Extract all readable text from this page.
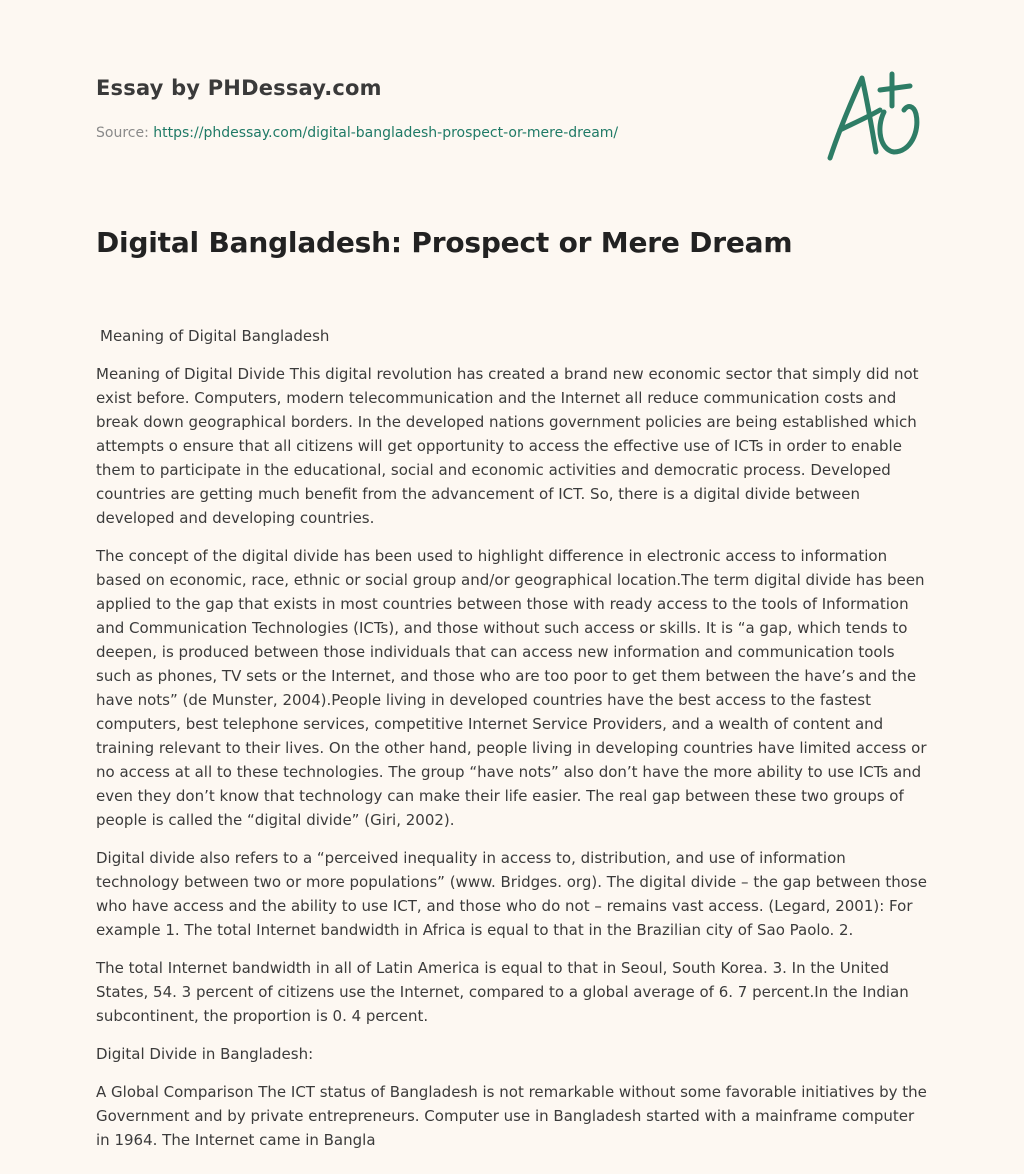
Essay by PHDessay.com
Source: https://phdessay.com/digital-bangladesh-prospect-or-mere-dream/
Digital Bangladesh: Prospect or Mere Dream

Meaning of Digital Bangladesh

Meaning of Digital Divide This digital revolution has created a brand new economic sector that simply did not exist before. Computers, modern telecommunication and the Internet all reduce communication costs and break down geographical borders. In the developed nations government policies are being established which attempts o ensure that all citizens will get opportunity to access the effective use of ICTs in order to enable them to participate in the educational, social and economic activities and democratic process. Developed countries are getting much benefit from the advancement of ICT. So, there is a digital divide between developed and developing countries.

The concept of the digital divide has been used to highlight difference in electronic access to information based on economic, race, ethnic or social group and/or geographical location.The term digital divide has been applied to the gap that exists in most countries between those with ready access to the tools of Information and Communication Technologies (ICTs), and those without such access or skills. It is “a gap, which tends to deepen, is produced between those individuals that can access new information and communication tools such as phones, TV sets or the Internet, and those who are too poor to get them between the have’s and the have nots” (de Munster, 2004).People living in developed countries have the best access to the fastest computers, best telephone services, competitive Internet Service Providers, and a wealth of content and training relevant to their lives. On the other hand, people living in developing countries have limited access or no access at all to these technologies. The group “have nots” also don’t have the more ability to use ICTs and even they don’t know that technology can make their life easier. The real gap between these two groups of people is called the “digital divide” (Giri, 2002).

Digital divide also refers to a “perceived inequality in access to, distribution, and use of information technology between two or more populations” (www. Bridges. org). The digital divide – the gap between those who have access and the ability to use ICT, and those who do not – remains vast access. (Legard, 2001): For example 1. The total Internet bandwidth in Africa is equal to that in the Brazilian city of Sao Paolo. 2.

The total Internet bandwidth in all of Latin America is equal to that in Seoul, South Korea. 3. In the United States, 54. 3 percent of citizens use the Internet, compared to a global average of 6. 7 percent.In the Indian subcontinent, the proportion is 0. 4 percent.

Digital Divide in Bangladesh:

A Global Comparison The ICT status of Bangladesh is not remarkable without some favorable initiatives by the Government and by private entrepreneurs. Computer use in Bangladesh started with a mainframe computer in 1964. The Internet came in Bangla
